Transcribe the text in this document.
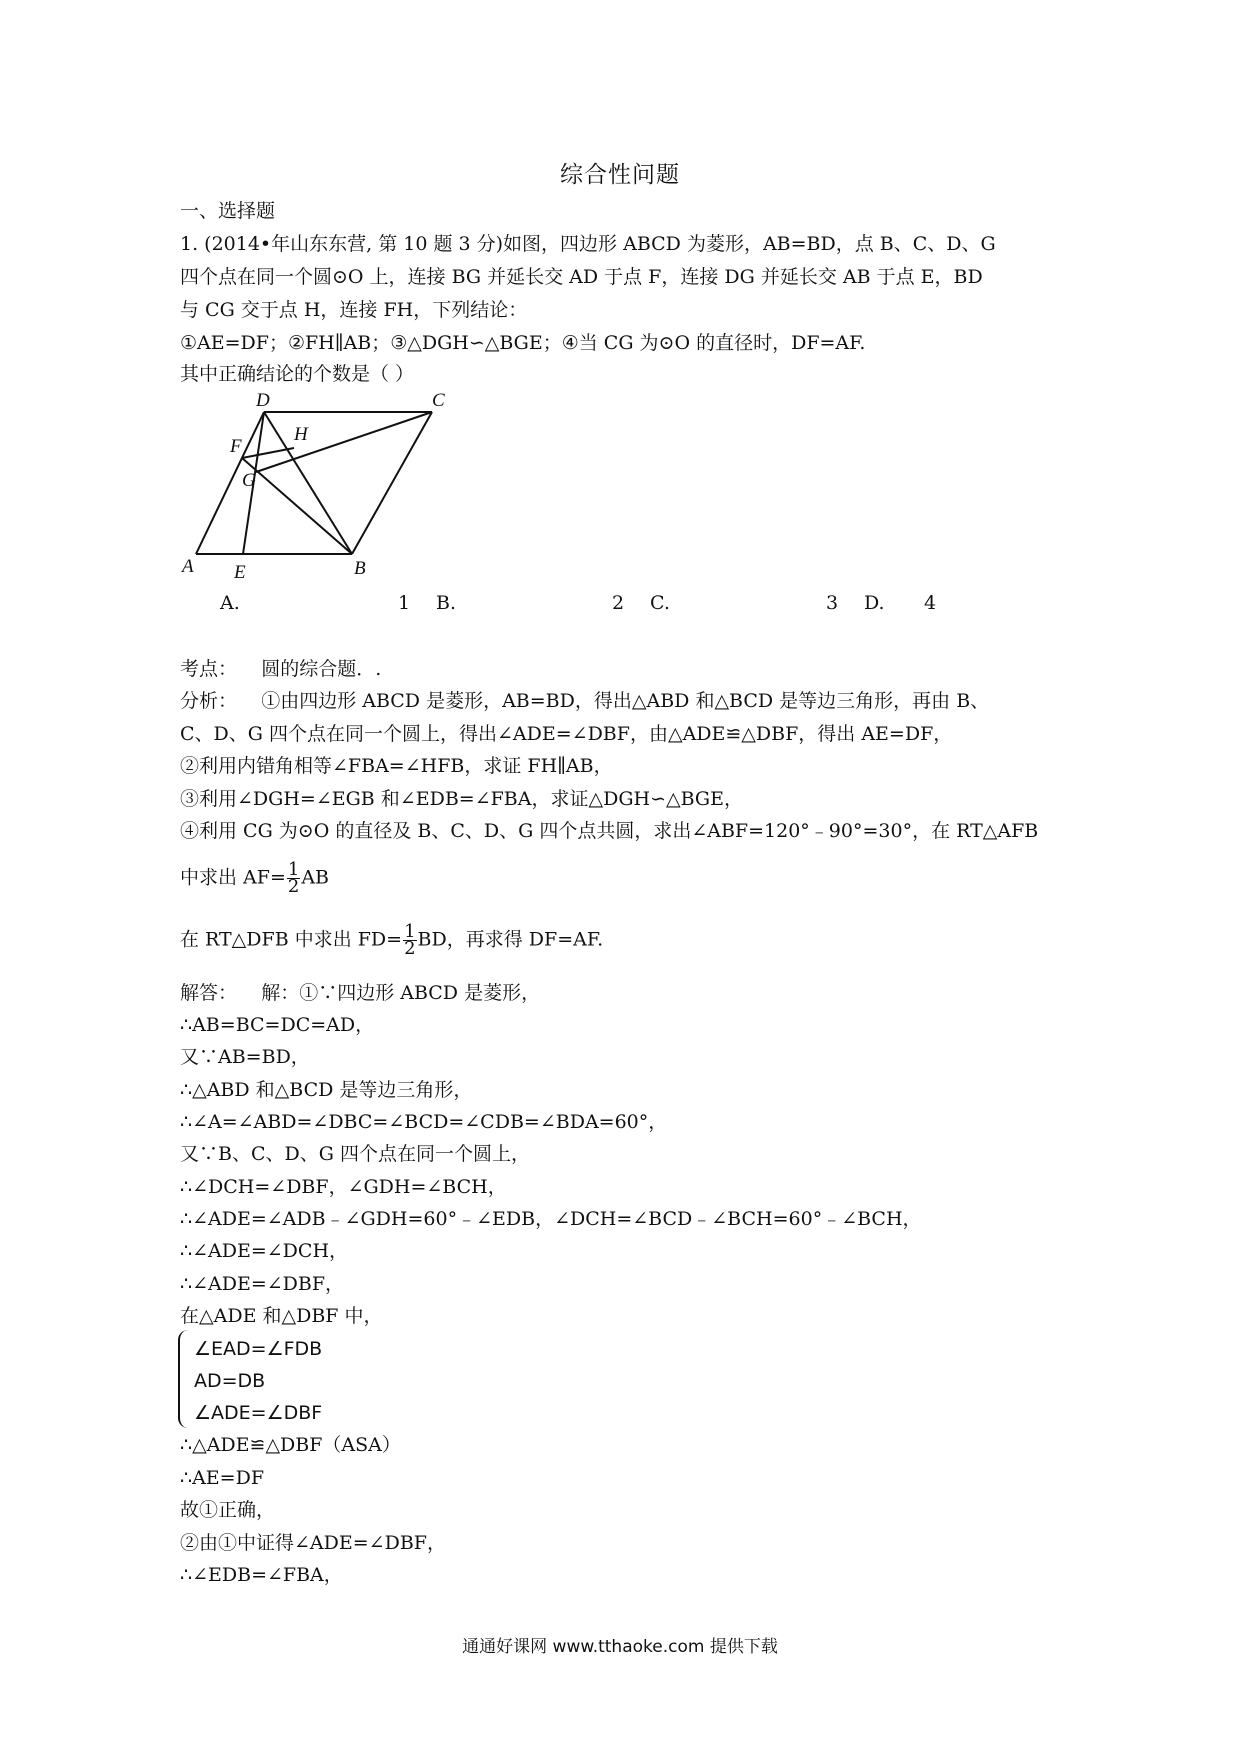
综合性问题
一、选择题
1. (2014•年山东东营, 第 10 题 3 分)如图，四边形 ABCD 为菱形，AB=BD，点 B、C、D、G
四个点在同一个圆⊙O 上，连接 BG 并延长交 AD 于点 F，连接 DG 并延长交 AB 于点 E，BD
与 CG 交于点 H，连接 FH，下列结论：
①AE=DF；②FH∥AB；③△DGH∽△BGE；④当 CG 为⊙O 的直径时，DF=AF.
其中正确结论的个数是（ ）
A	B
C
D
E
F
G
H
A.	1 B.	2 C.	3 D. 4
考点： 圆的综合题．.
分析： ①由四边形 ABCD 是菱形，AB=BD，得出△ABD 和△BCD 是等边三角形，再由 B、
C、D、G 四个点在同一个圆上，得出∠ADE=∠DBF，由△ADE≌△DBF，得出 AE=DF，
②利用内错角相等∠FBA=∠HFB，求证 FH∥AB，
③利用∠DGH=∠EGB 和∠EDB=∠FBA，求证△DGH∽△BGE，
④利用 CG 为⊙O 的直径及 B、C、D、G 四个点共圆，求出∠ABF=120°﹣90°=30°，在 RT△AFB
中求出 $AF= \frac{1}{2}$ AB
在 RT△DFB 中求出 $FD= \frac{1}{2}$ BD，再求得 DF=AF.
解答： 解：①∵四边形 ABCD 是菱形，
∴AB=BC=DC=AD，
又∵AB=BD，
∴△ABD 和△BCD 是等边三角形，
∴∠A=∠ABD=∠DBC=∠BCD=∠CDB=∠BDA=60°，
又∵B、C、D、G 四个点在同一个圆上，
∴∠DCH=∠DBF，∠GDH=∠BCH，
∴∠ADE=∠ADB﹣∠GDH=60°﹣∠EDB，∠DCH=∠BCD﹣∠BCH=60°﹣∠BCH，
∴∠ADE=∠DCH，
∴∠ADE=∠DBF，
在△ADE 和△DBF 中，
∠EAD=∠FDB
AD=DB
∠ADE=∠DBF
∴△ADE≌△DBF（ASA）
∴AE=DF
故①正确，
②由①中证得∠ADE=∠DBF，
∴∠EDB=∠FBA，
通通好课网 www.tthaoke.com 提供下载
